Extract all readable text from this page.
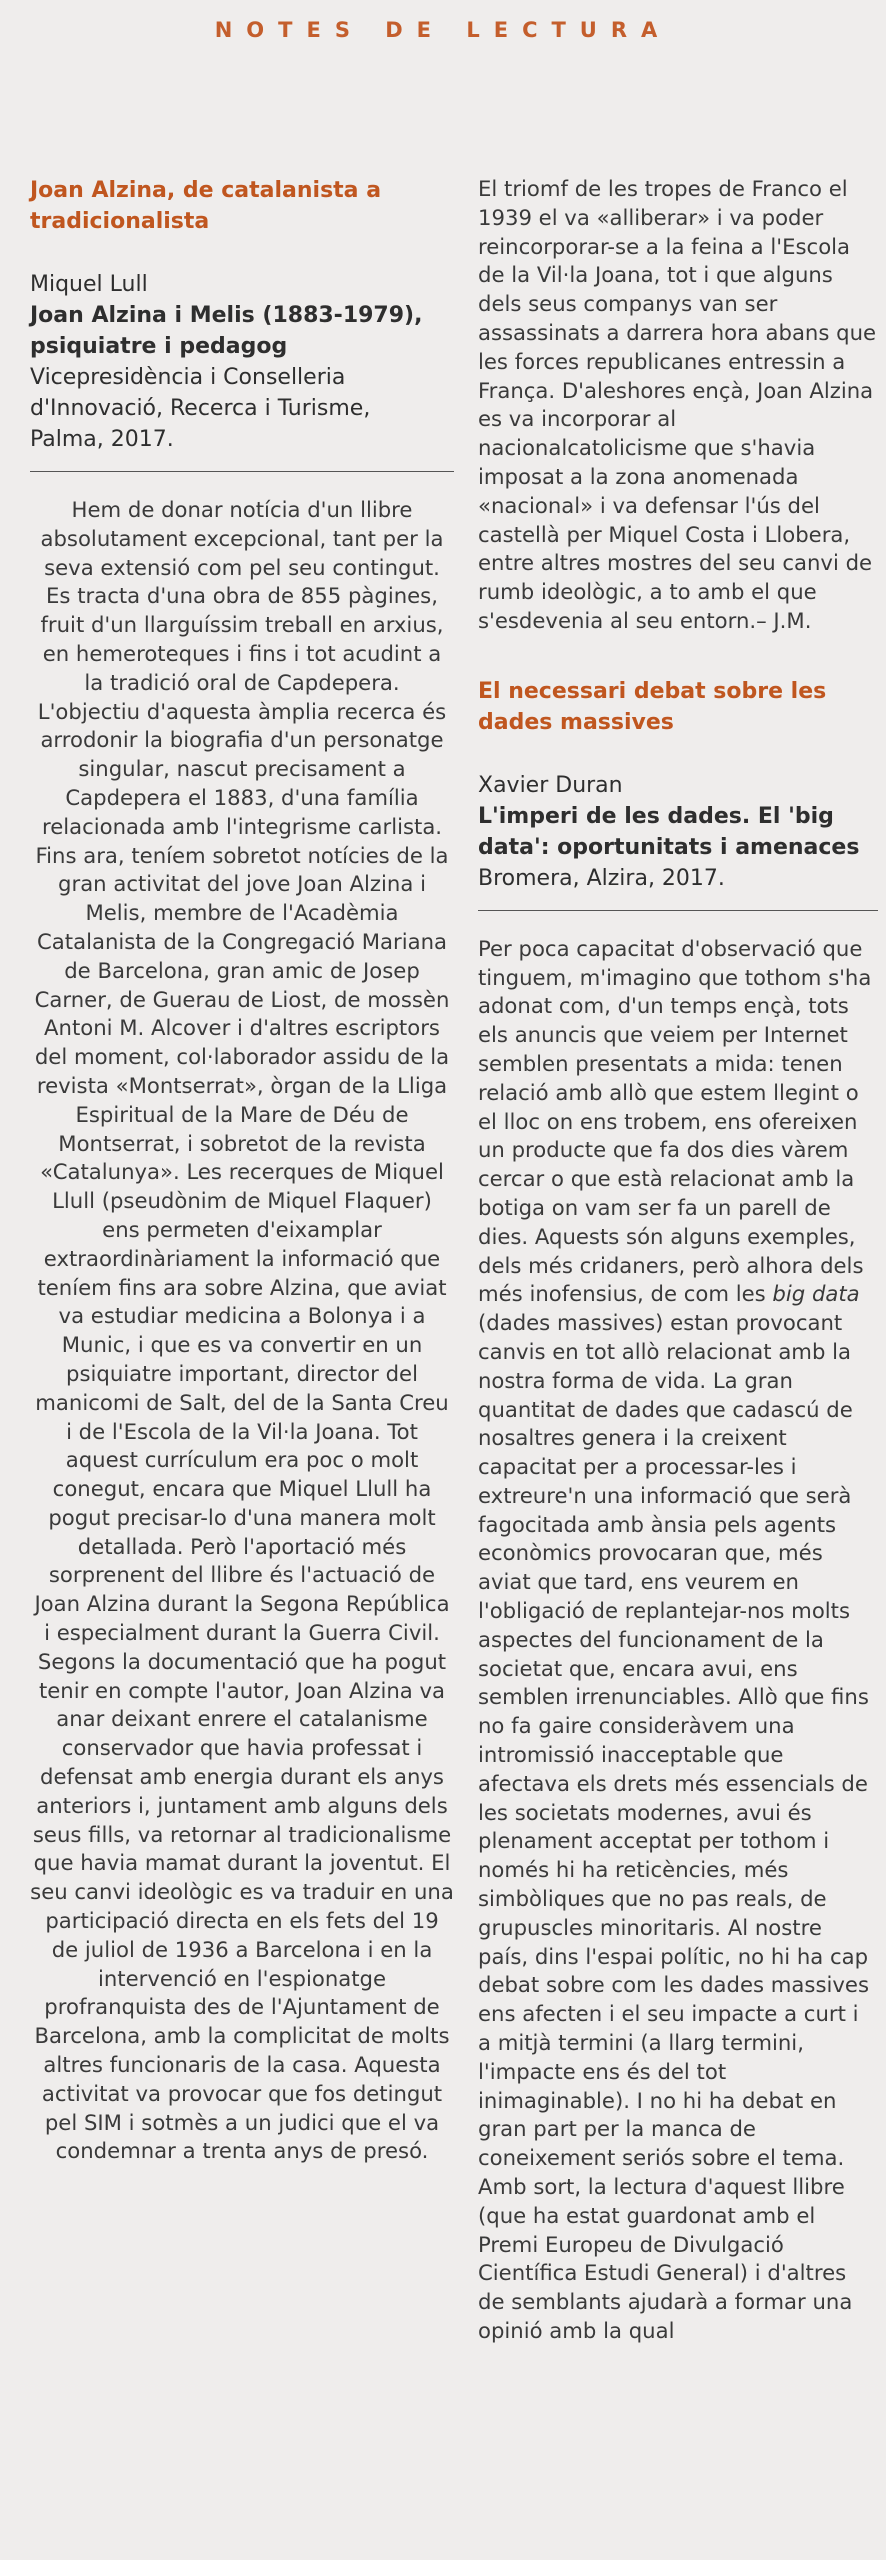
NOTES DE LECTURA
Joan Alzina, de catalanista a tradicionalista
Miquel Lull
Joan Alzina i Melis (1883-1979), psiquiatre i pedagog
Vicepresidència i Conselleria d'Innovació, Recerca i Turisme,
Palma, 2017.

Hem de donar notícia d'un llibre absolutament excepcional, tant per la seva extensió com pel seu contingut. Es tracta d'una obra de 855 pàgines, fruit d'un llarguíssim treball en arxius, en hemeroteques i fins i tot acudint a la tradició oral de Capdepera. L'objectiu d'aquesta àmplia recerca és arrodonir la biografia d'un personatge singular, nascut precisament a Capdepera el 1883, d'una família relacionada amb l'integrisme carlista. Fins ara, teníem sobretot notícies de la gran activitat del jove Joan Alzina i Melis, membre de l'Acadèmia Catalanista de la Congregació Mariana de Barcelona, gran amic de Josep Carner, de Guerau de Liost, de mossèn Antoni M. Alcover i d'altres escriptors del moment, col·laborador assidu de la revista «Montserrat», òrgan de la Lliga Espiritual de la Mare de Déu de Montserrat, i sobretot de la revista «Catalunya». Les recerques de Miquel Llull (pseudònim de Miquel Flaquer) ens permeten d'eixamplar extraordinàriament la informació que teníem fins ara sobre Alzina, que aviat va estudiar medicina a Bolonya i a Munic, i que es va convertir en un psiquiatre important, director del manicomi de Salt, del de la Santa Creu i de l'Escola de la Vil·la Joana. Tot aquest currículum era poc o molt conegut, encara que Miquel Llull ha pogut precisar-lo d'una manera molt detallada. Però l'aportació més sorprenent del llibre és l'actuació de Joan Alzina durant la Segona República i especialment durant la Guerra Civil. Segons la documentació que ha pogut tenir en compte l'autor, Joan Alzina va anar deixant enrere el catalanisme conservador que havia professat i defensat amb energia durant els anys anteriors i, juntament amb alguns dels seus fills, va retornar al tradicionalisme que havia mamat durant la joventut. El seu canvi ideològic es va traduir en una participació directa en els fets del 19 de juliol de 1936 a Barcelona i en la intervenció en l'espionatge profranquista des de l'Ajuntament de Barcelona, amb la complicitat de molts altres funcionaris de la casa. Aquesta activitat va provocar que fos detingut pel SIM i sotmès a un judici que el va condemnar a trenta anys de presó.

El triomf de les tropes de Franco el 1939 el va «alliberar» i va poder reincorporar-se a la feina a l'Escola de la Vil·la Joana, tot i que alguns dels seus companys van ser assassinats a darrera hora abans que les forces republicanes entressin a França. D'aleshores ençà, Joan Alzina es va incorporar al nacionalcatolicisme que s'havia imposat a la zona anomenada «nacional» i va defensar l'ús del castellà per Miquel Costa i Llobera, entre altres mostres del seu canvi de rumb ideològic, a to amb el que s'esdevenia al seu entorn.– J.M.

El necessari debat sobre les dades massives
Xavier Duran
L'imperi de les dades. El 'big data': oportunitats i amenaces
Bromera, Alzira, 2017.

Per poca capacitat d'observació que tinguem, m'imagino que tothom s'ha adonat com, d'un temps ençà, tots els anuncis que veiem per Internet semblen presentats a mida: tenen relació amb allò que estem llegint o el lloc on ens trobem, ens ofereixen un producte que fa dos dies vàrem cercar o que està relacionat amb la botiga on vam ser fa un parell de dies. Aquests són alguns exemples, dels més cridaners, però alhora dels més inofensius, de com les big data (dades massives) estan provocant canvis en tot allò relacionat amb la nostra forma de vida. La gran quantitat de dades que cadascú de nosaltres genera i la creixent capacitat per a processar-les i extreure'n una informació que serà fagocitada amb ànsia pels agents econòmics provocaran que, més aviat que tard, ens veurem en l'obligació de replantejar-nos molts aspectes del funcionament de la societat que, encara avui, ens semblen irrenunciables. Allò que fins no fa gaire consideràvem una intromissió inacceptable que afectava els drets més essencials de les societats modernes, avui és plenament acceptat per tothom i només hi ha reticències, més simbòliques que no pas reals, de grupuscles minoritaris. Al nostre país, dins l'espai polític, no hi ha cap debat sobre com les dades massives ens afecten i el seu impacte a curt i a mitjà termini (a llarg termini, l'impacte ens és del tot inimaginable). I no hi ha debat en gran part per la manca de coneixement seriós sobre el tema. Amb sort, la lectura d'aquest llibre (que ha estat guardonat amb el Premi Europeu de Divulgació Científica Estudi General) i d'altres de semblants ajudarà a formar una opinió amb la qual
